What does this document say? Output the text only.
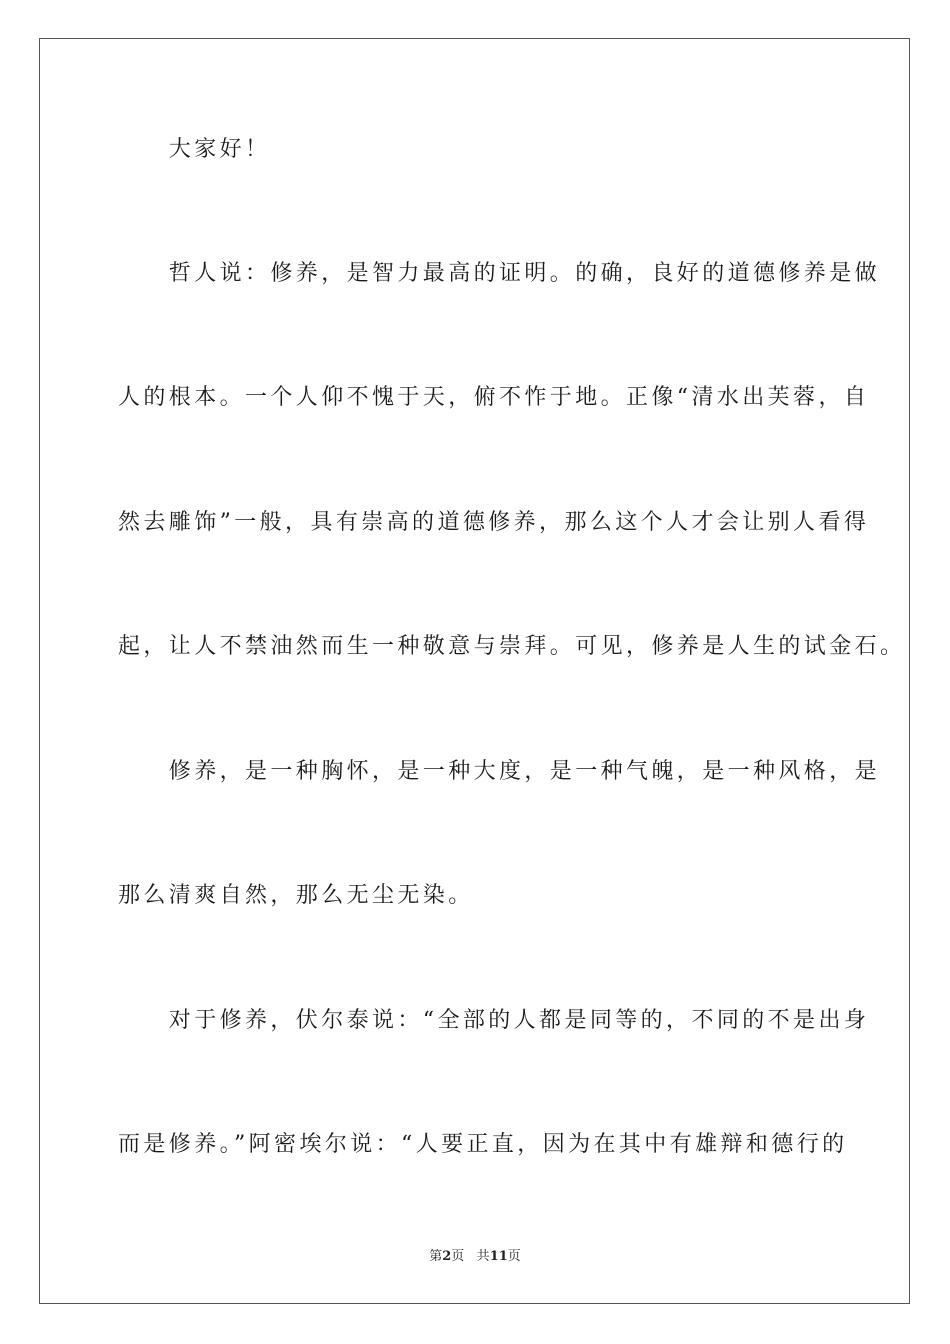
　　大家好！
　　哲人说：修养，是智力最高的证明。的确，良好的道德修养是做
人的根本。一个人仰不愧于天，俯不怍于地。正像“清水出芙蓉，自
然去雕饰”一般，具有崇高的道德修养，那么这个人才会让别人看得
起，让人不禁油然而生一种敬意与崇拜。可见，修养是人生的试金石。
　　修养，是一种胸怀，是一种大度，是一种气魄，是一种风格，是
那么清爽自然，那么无尘无染。
　　对于修养，伏尔泰说：“全部的人都是同等的，不同的不是出身
而是修养。”阿密埃尔说：“人要正直，因为在其中有雄辩和德行的
第2页 共11页
